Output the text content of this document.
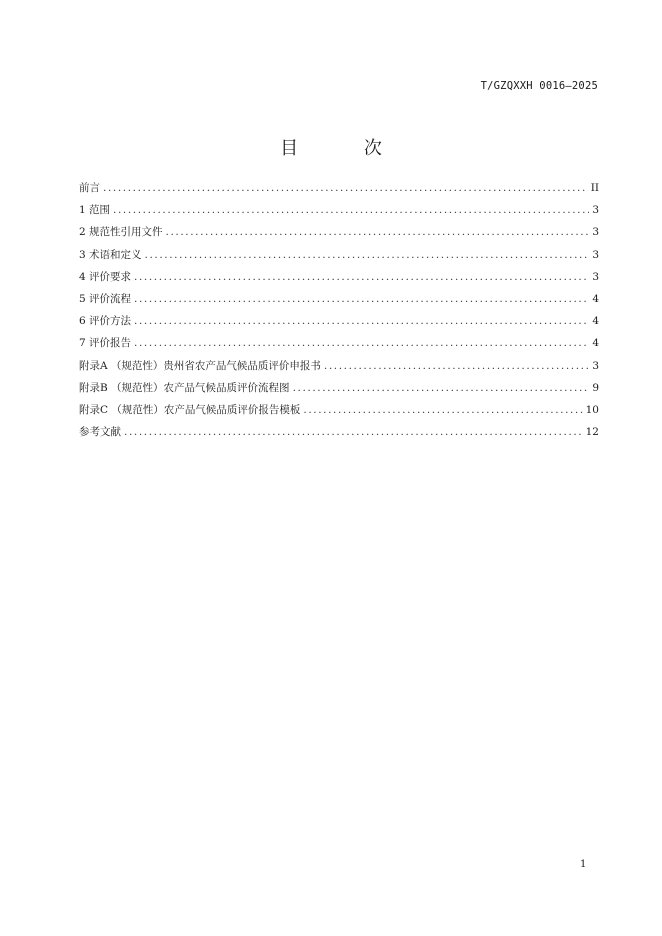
T/GZQXXH 0016—2025
目 次
前言 .....	II
1 范围 .....	3
2 规范性引用文件 .....	3
3 术语和定义 .....	3
4 评价要求 .....	3
5 评价流程 .....	4
6 评价方法 .....	4
7 评价报告 .....	4
附录A （规范性）贵州省农产品气候品质评价申报书 .....	3
附录B （规范性）农产品气候品质评价流程图 .....	9
附录C （规范性）农产品气候品质评价报告模板 .....	10
参考文献 .....	12
1
